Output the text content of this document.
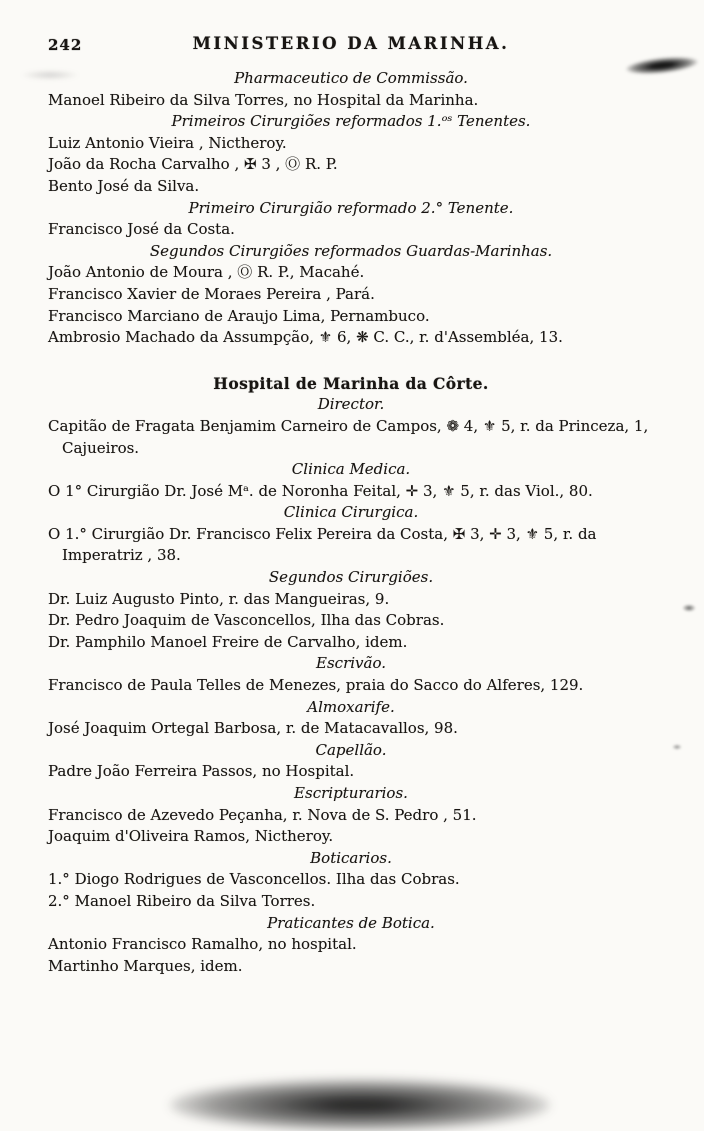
242	MINISTERIO DA MARINHA.
Pharmaceutico de Commissão.
Manoel Ribeiro da Silva Torres, no Hospital da Marinha.
Primeiros Cirurgiões reformados 1.ᵒˢ Tenentes.
Luiz Antonio Vieira , Nictheroy.
João da Rocha Carvalho , ✠ 3 , Ⓞ R. P.
Bento José da Silva.
Primeiro Cirurgião reformado 2.° Tenente.
Francisco José da Costa.
Segundos Cirurgiões reformados Guardas-Marinhas.
João Antonio de Moura , Ⓞ R. P., Macahé.
Francisco Xavier de Moraes Pereira , Pará.
Francisco Marciano de Araujo Lima, Pernambuco.
Ambrosio Machado da Assumpção, ⚜ 6, ❋ C. C., r. d'Assembléa, 13.
Hospital de Marinha da Côrte.
Director.
Capitão de Fragata Benjamim Carneiro de Campos, ❁ 4, ⚜ 5, r. da Princeza, 1, Cajueiros.
Clinica Medica.
O 1° Cirurgião Dr. José Mᵃ. de Noronha Feital, ✛ 3, ⚜ 5, r. das Viol., 80.
Clinica Cirurgica.
O 1.° Cirurgião Dr. Francisco Felix Pereira da Costa, ✠ 3, ✛ 3, ⚜ 5, r. da Imperatriz , 38.
Segundos Cirurgiões.
Dr. Luiz Augusto Pinto, r. das Mangueiras, 9.
Dr. Pedro Joaquim de Vasconcellos, Ilha das Cobras.
Dr. Pamphilo Manoel Freire de Carvalho, idem.
Escrivão.
Francisco de Paula Telles de Menezes, praia do Sacco do Alferes, 129.
Almoxarife.
José Joaquim Ortegal Barbosa, r. de Matacavallos, 98.
Capellão.
Padre João Ferreira Passos, no Hospital.
Escripturarios.
Francisco de Azevedo Peçanha, r. Nova de S. Pedro , 51.
Joaquim d'Oliveira Ramos, Nictheroy.
Boticarios.
1.° Diogo Rodrigues de Vasconcellos. Ilha das Cobras.
2.° Manoel Ribeiro da Silva Torres.
Praticantes de Botica.
Antonio Francisco Ramalho, no hospital.
Martinho Marques, idem.
